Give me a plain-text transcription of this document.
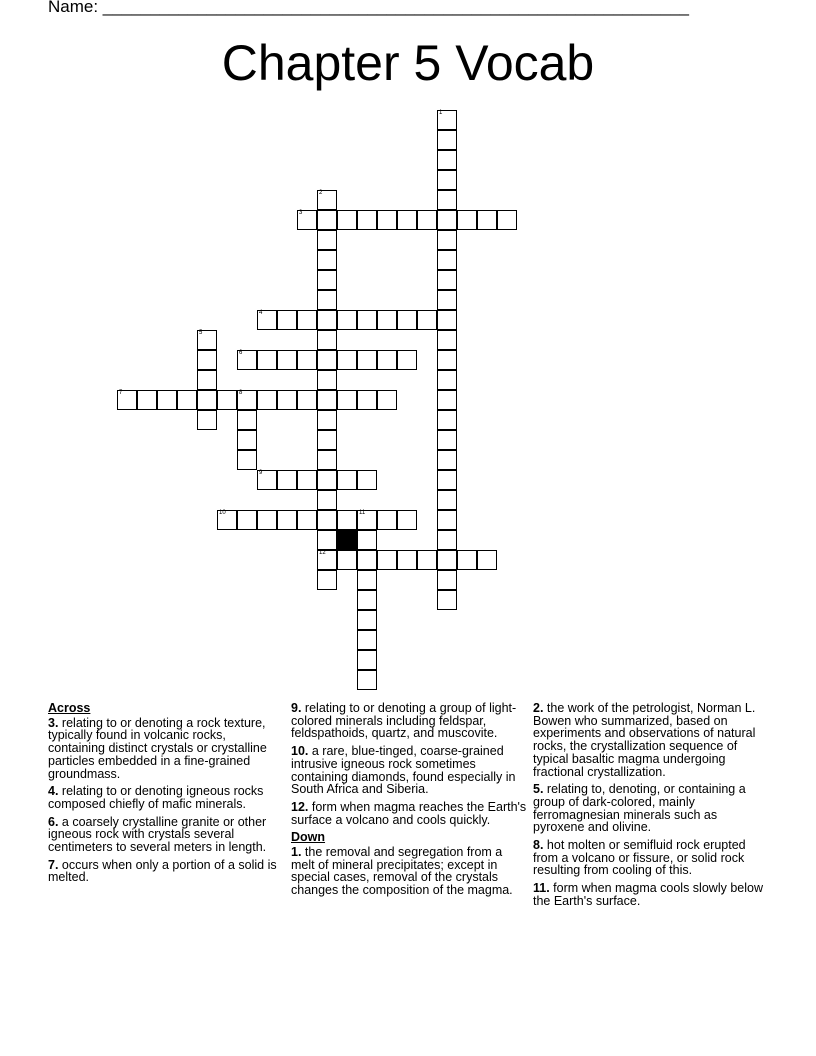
Name: ______________________________________________________________
Chapter 5 Vocab
1
2
12
3
4
5
6
7	8
9
10	11
Across
3. relating to or denoting a rock texture, typically found in volcanic rocks, containing distinct crystals or crystalline particles embedded in a fine-grained groundmass.
4. relating to or denoting igneous rocks composed chiefly of mafic minerals.
6. a coarsely crystalline granite or other igneous rock with crystals several centimeters to several meters in length.
7. occurs when only a portion of a solid is melted.
9. relating to or denoting a group of light-colored minerals including feldspar, feldspathoids, quartz, and muscovite.
10. a rare, blue-tinged, coarse-grained intrusive igneous rock sometimes containing diamonds, found especially in South Africa and Siberia.
12. form when magma reaches the Earth's surface a volcano and cools quickly.
Down
1. the removal and segregation from a melt of mineral precipitates; except in special cases, removal of the crystals changes the composition of the magma.
2. the work of the petrologist, Norman L. Bowen who summarized, based on experiments and observations of natural rocks, the crystallization sequence of typical basaltic magma undergoing fractional crystallization.
5. relating to, denoting, or containing a group of dark-colored, mainly ferromagnesian minerals such as pyroxene and olivine.
8. hot molten or semifluid rock erupted from a volcano or fissure, or solid rock resulting from cooling of this.
11. form when magma cools slowly below the Earth's surface.
